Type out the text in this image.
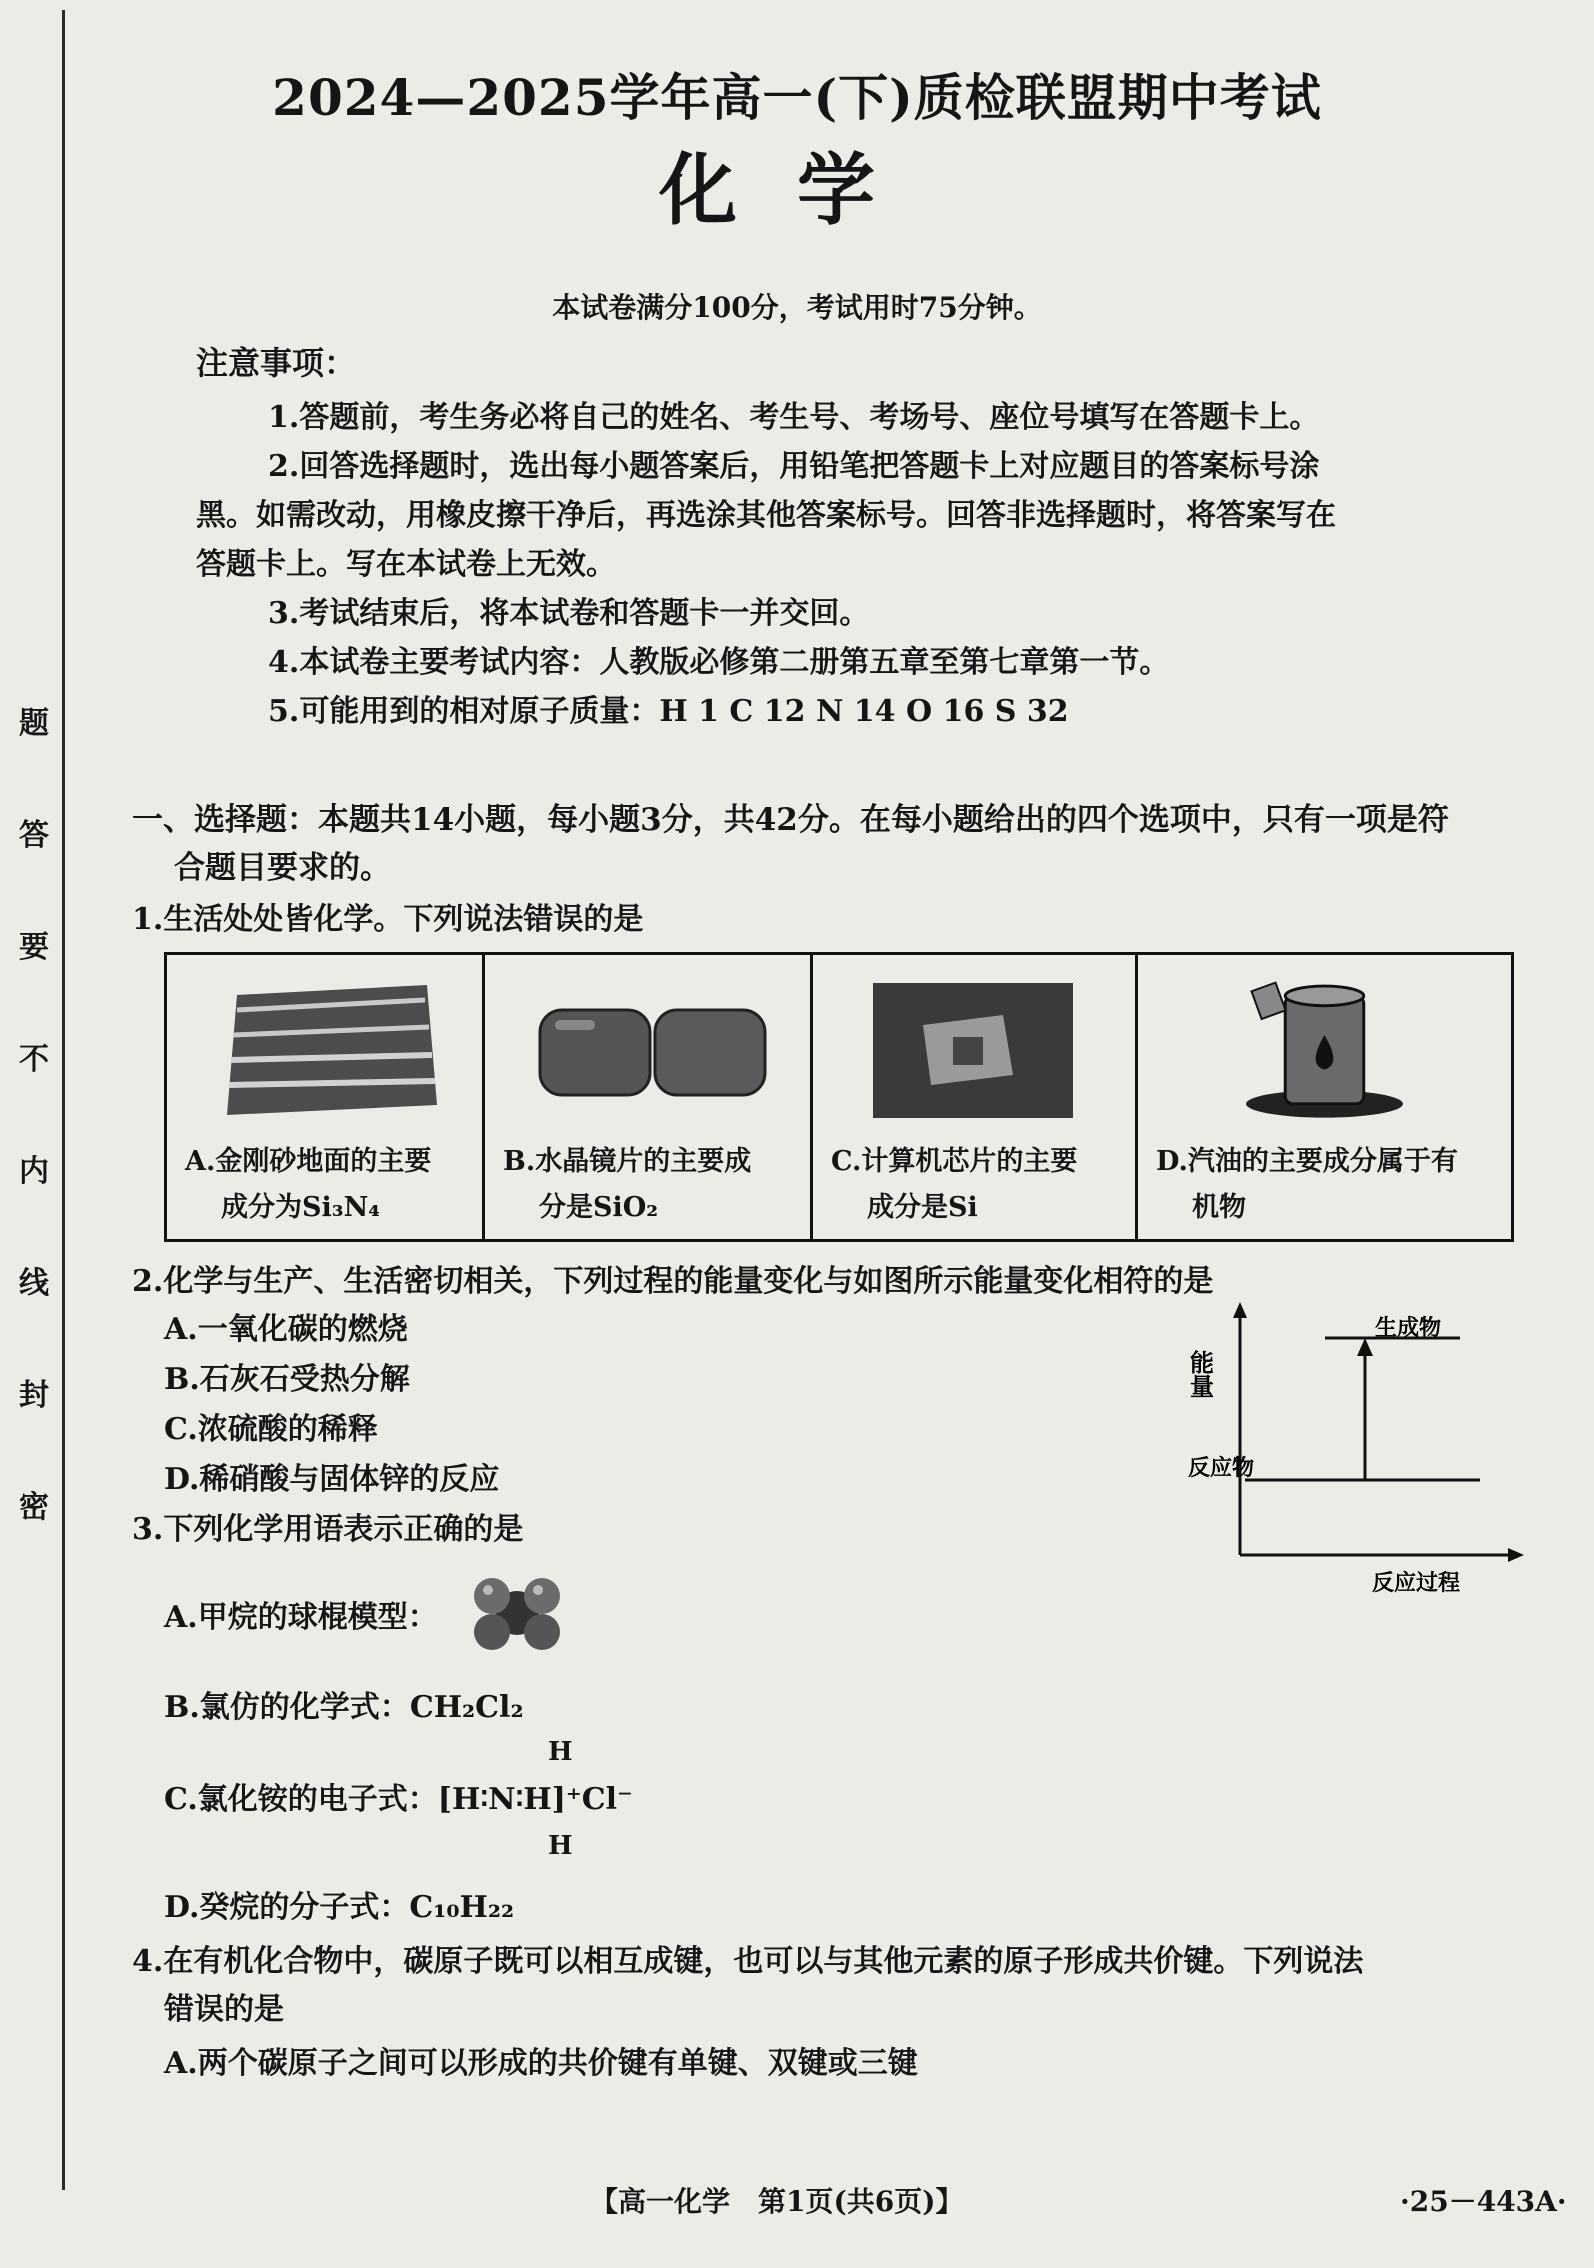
题
答
要
不
内
线
封
密
2024—2025学年高一(下)质检联盟期中考试
化学
本试卷满分100分，考试用时75分钟。
注意事项：
1.答题前，考生务必将自己的姓名、考生号、考场号、座位号填写在答题卡上。
2.回答选择题时，选出每小题答案后，用铅笔把答题卡上对应题目的答案标号涂
黑。如需改动，用橡皮擦干净后，再选涂其他答案标号。回答非选择题时，将答案写在
答题卡上。写在本试卷上无效。
3.考试结束后，将本试卷和答题卡一并交回。
4.本试卷主要考试内容：人教版必修第二册第五章至第七章第一节。
5.可能用到的相对原子质量：H 1 C 12 N 14 O 16 S 32
一、选择题：本题共14小题，每小题3分，共42分。在每小题给出的四个选项中，只有一项是符
合题目要求的。
1.生活处处皆化学。下列说法错误的是
A.金刚砂地面的主要
成分为Si₃N₄

B.水晶镜片的主要成
分是SiO₂

C.计算机芯片的主要
成分是Si

D.汽油的主要成分属于有
机物
2.化学与生产、生活密切相关，下列过程的能量变化与如图所示能量变化相符的是
A.一氧化碳的燃烧
B.石灰石受热分解
C.浓硫酸的稀释
D.稀硝酸与固体锌的反应
能量
生成物
反应物
反应过程
3.下列化学用语表示正确的是
A.甲烷的球棍模型：
B.氯仿的化学式：CH₂Cl₂
H
C.氯化铵的电子式：[H∶N∶H]⁺Cl⁻
H
D.癸烷的分子式：C₁₀H₂₂
4.在有机化合物中，碳原子既可以相互成键，也可以与其他元素的原子形成共价键。下列说法
错误的是
A.两个碳原子之间可以形成的共价键有单键、双键或三键
【高一化学　第1页(共6页)】	·25－443A·
